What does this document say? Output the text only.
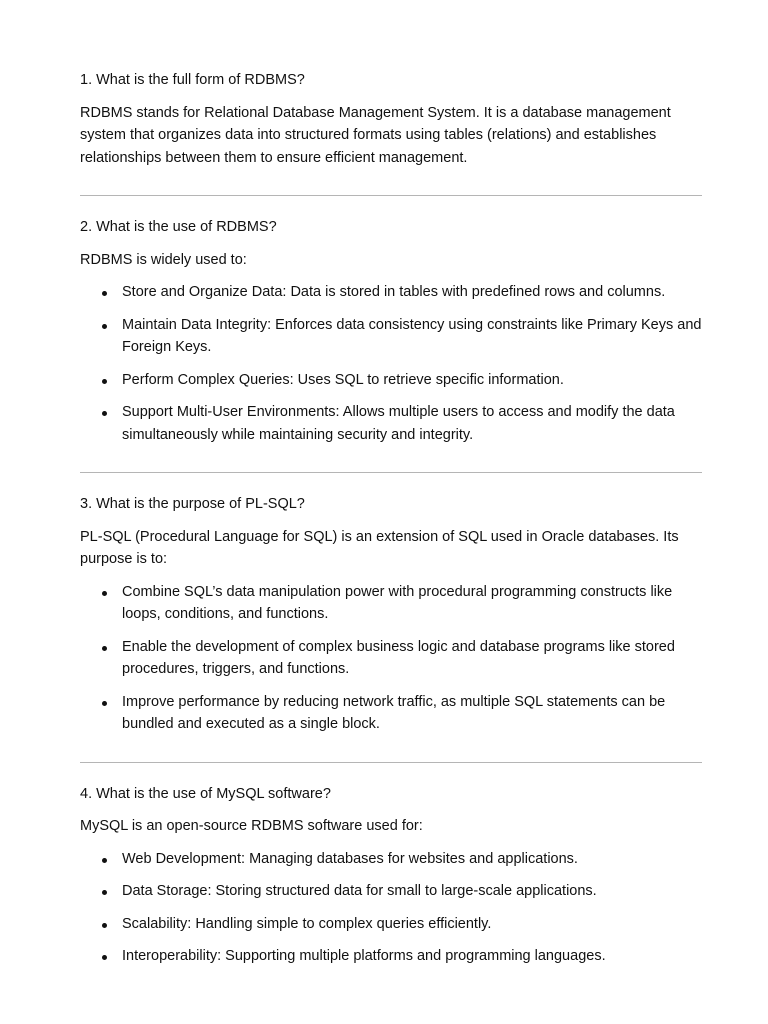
1. What is the full form of RDBMS?

RDBMS stands for Relational Database Management System. It is a database management system that organizes data into structured formats using tables (relations) and establishes relationships between them to ensure efficient management.

2. What is the use of RDBMS?

RDBMS is widely used to:

Store and Organize Data: Data is stored in tables with predefined rows and columns.
Maintain Data Integrity: Enforces data consistency using constraints like Primary Keys and Foreign Keys.
Perform Complex Queries: Uses SQL to retrieve specific information.
Support Multi-User Environments: Allows multiple users to access and modify the data simultaneously while maintaining security and integrity.

3. What is the purpose of PL-SQL?

PL-SQL (Procedural Language for SQL) is an extension of SQL used in Oracle databases. Its purpose is to:

Combine SQL’s data manipulation power with procedural programming constructs like loops, conditions, and functions.
Enable the development of complex business logic and database programs like stored procedures, triggers, and functions.
Improve performance by reducing network traffic, as multiple SQL statements can be bundled and executed as a single block.

4. What is the use of MySQL software?

MySQL is an open-source RDBMS software used for:

Web Development: Managing databases for websites and applications.
Data Storage: Storing structured data for small to large-scale applications.
Scalability: Handling simple to complex queries efficiently.
Interoperability: Supporting multiple platforms and programming languages.
